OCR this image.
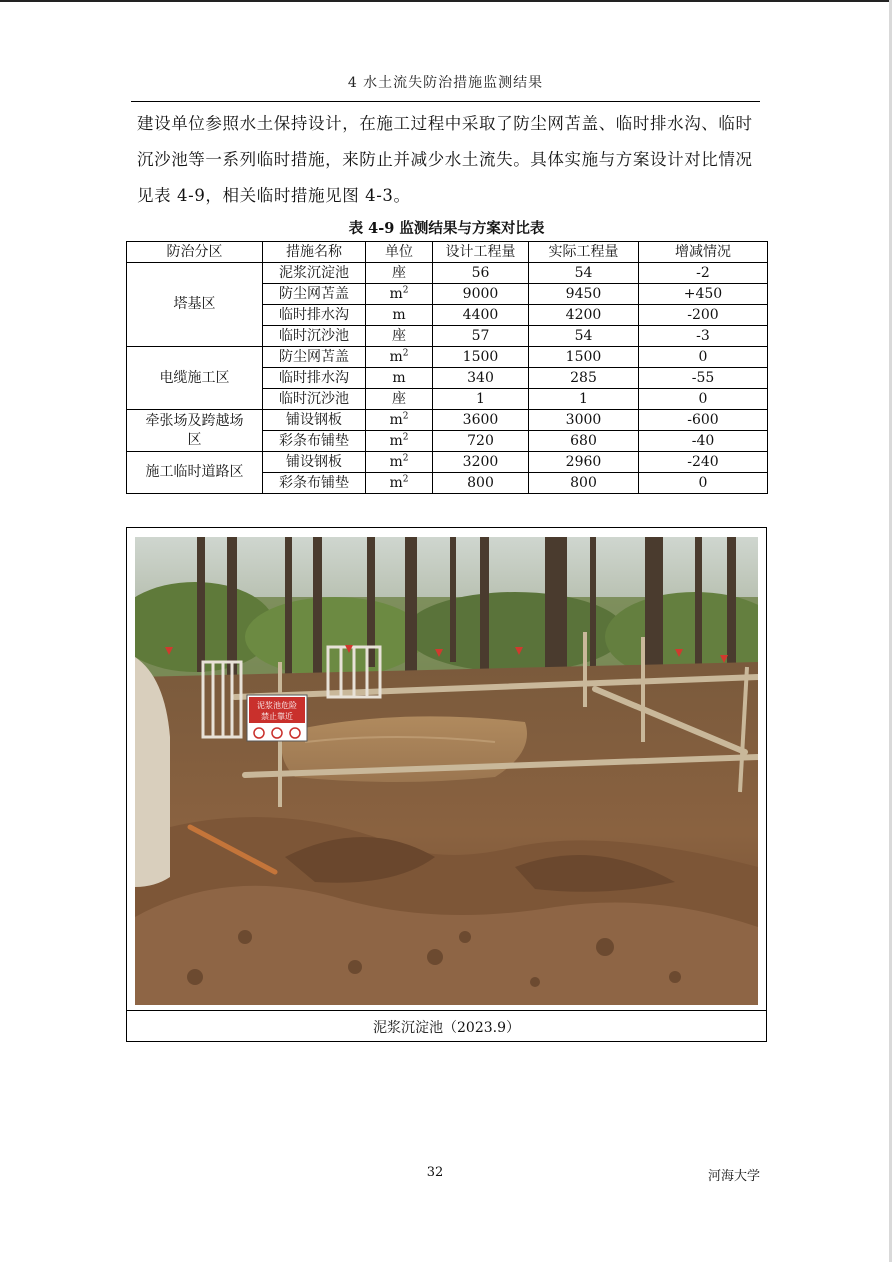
4 水土流失防治措施监测结果

建设单位参照水土保持设计，在施工过程中采取了防尘网苫盖、临时排水沟、临时沉沙池等一系列临时措施，来防止并减少水土流失。具体实施与方案设计对比情况见表 4-9，相关临时措施见图 4-3。

表 4-9 监测结果与方案对比表
防治分区	措施名称	单位	设计工程量	实际工程量	增减情况
塔基区	泥浆沉淀池	座	56	54	-2
	防尘网苫盖	$m^2$	9000	9450	+450
	临时排水沟	m	4400	4200	-200
	临时沉沙池	座	57	54	-3
电缆施工区	防尘网苫盖	$m^2$	1500	1500	0
	临时排水沟	m	340	285	-55
	临时沉沙池	座	1	1	0
牵张场及跨越场
区	铺设钢板	$m^2$	3600	3000	-600
	彩条布铺垫	$m^2$	720	680	-40
施工临时道路区	铺设钢板	$m^2$	3200	2960	-240
	彩条布铺垫	$m^2$	800	800	0
泥浆池危险
禁止靠近
泥浆沉淀池（2023.9）
32	河海大学
